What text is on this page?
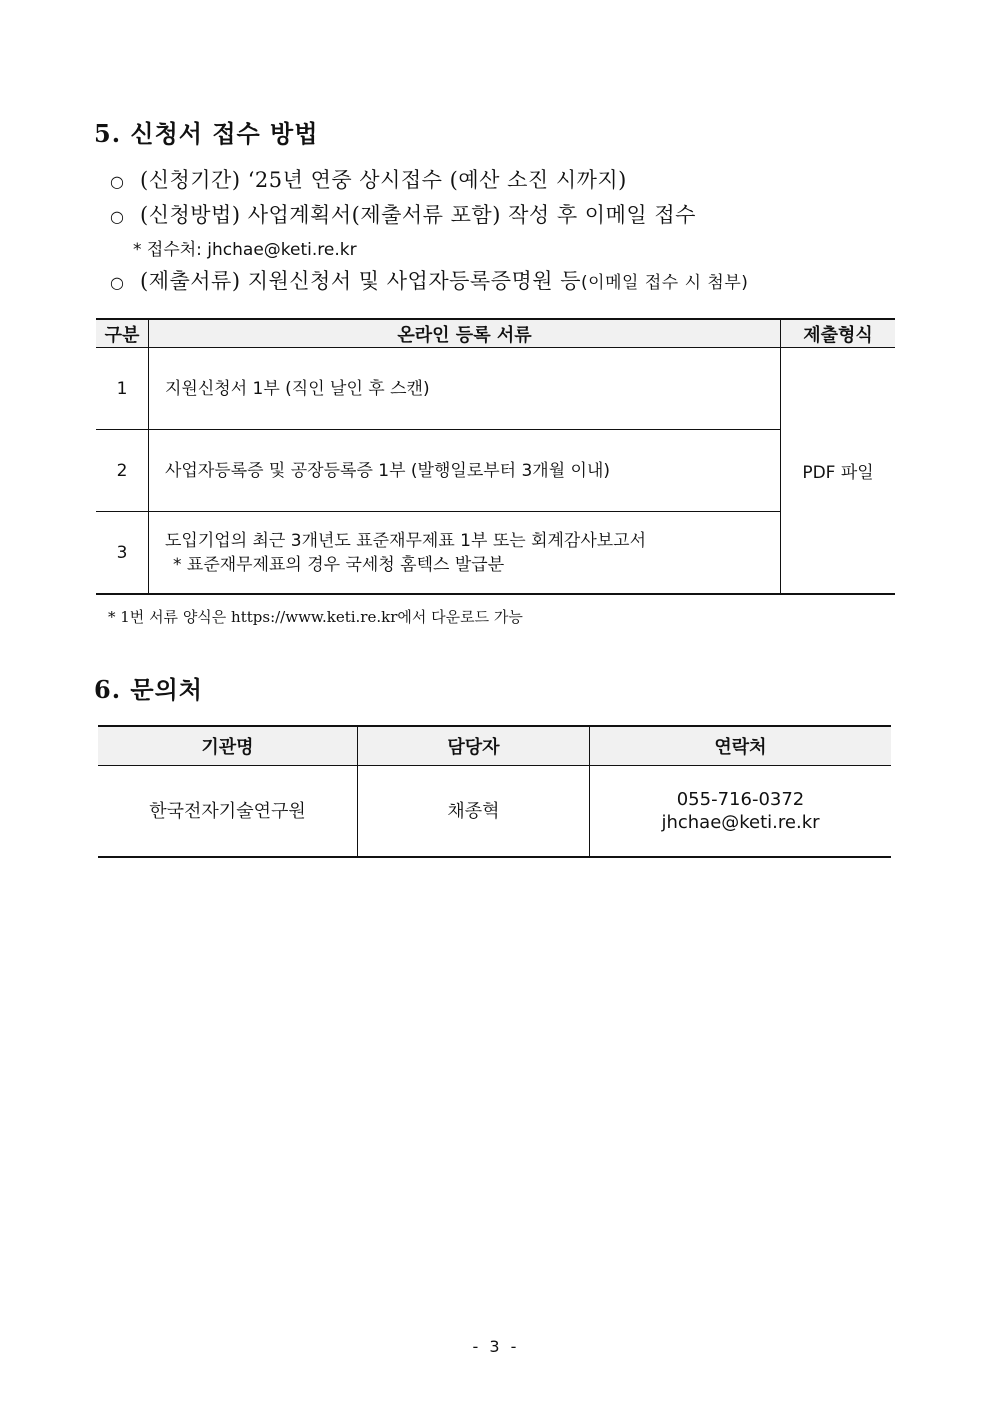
5. 신청서 접수 방법
○ (신청기간) ‘25년 연중 상시접수 (예산 소진 시까지)
○ (신청방법) 사업계획서(제출서류 포함) 작성 후 이메일 접수
* 접수처: jhchae@keti.re.kr
○ (제출서류) 지원신청서 및 사업자등록증명원 등(이메일 접수 시 첨부)
구분	온라인 등록 서류	제출형식
1	지원신청서 1부 (직인 날인 후 스캔)	PDF 파일
2	사업자등록증 및 공장등록증 1부 (발행일로부터 3개월 이내)	
3	도입기업의 최근 3개년도 표준재무제표 1부 또는 회계감사보고서
* 표준재무제표의 경우 국세청 홈텍스 발급분	
* 1번 서류 양식은 https://www.keti.re.kr에서 다운로드 가능
6. 문의처
기관명	담당자	연락처
한국전자기술연구원	채종혁	055-716-0372
jhchae@keti.re.kr
- 3 -
